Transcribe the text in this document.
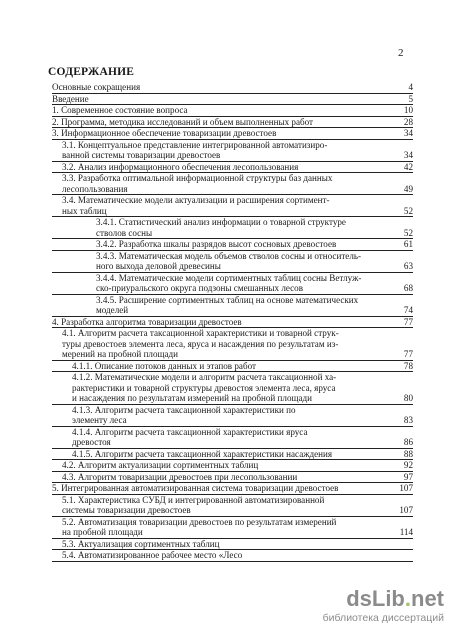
2
СОДЕРЖАНИЕ
Основные сокращения	4
Введение	5
1. Современное состояние вопроса	10
2. Программа, методика исследований и объем выполненных работ	28
3. Информационное обеспечение товаризации древостоев	34
3.1. Концептуальное представление интегрированной автоматизиро-
ванной системы товаризации древостоев	34
3.2. Анализ информационного обеспечения лесопользования	42
3.3. Разработка оптимальной информационной структуры баз данных
лесопользования	49
3.4. Математические модели актуализации и расширения сортимент-
ных таблиц	52
3.4.1. Статистический анализ информации о товарной структуре
стволов сосны	52
3.4.2. Разработка шкалы разрядов высот сосновых древостоев	61
3.4.3. Математическая модель объемов стволов сосны и относитель-
ного выхода деловой древесины	63
3.4.4. Математические модели сортиментных таблиц сосны Ветлуж-
ско-приуральского округа подзоны смешанных лесов	68
3.4.5. Расширение сортиментных таблиц на основе математических
моделей	74
4. Разработка алгоритма товаризации древостоев	77
4.1. Алгоритм расчета таксационной характеристики и товарной струк-
туры древостоев элемента леса, яруса и насаждения по результатам из-
мерений на пробной площади	77
4.1.1. Описание потоков данных и этапов работ	78
4.1.2. Математические модели и алгоритм расчета таксационной ха-
рактеристики и товарной структуры древостоя элемента леса, яруса
и насаждения по результатам измерений на пробной площади	80
4.1.3. Алгоритм расчета таксационной характеристики по
элементу леса	83
4.1.4. Алгоритм расчета таксационной характеристики яруса
древостоя	86
4.1.5. Алгоритм расчета таксационной характеристики насаждения	88
4.2. Алгоритм актуализации сортиментных таблиц	92
4.3. Алгоритм товаризации древостоев при лесопользовании	97
5. Интегрированная автоматизированная система товаризации древостоев	107
5.1. Характеристика СУБД и интегрированной автоматизированной
системы товаризации древостоев	107
5.2. Автоматизация товаризации древостоев по результатам измерений
на пробной площади	114
5.3. Актуализация сортиментных таблиц
5.4. Автоматизированное рабочее место «Лесо
dsLib.net
библиотека диссертаций
